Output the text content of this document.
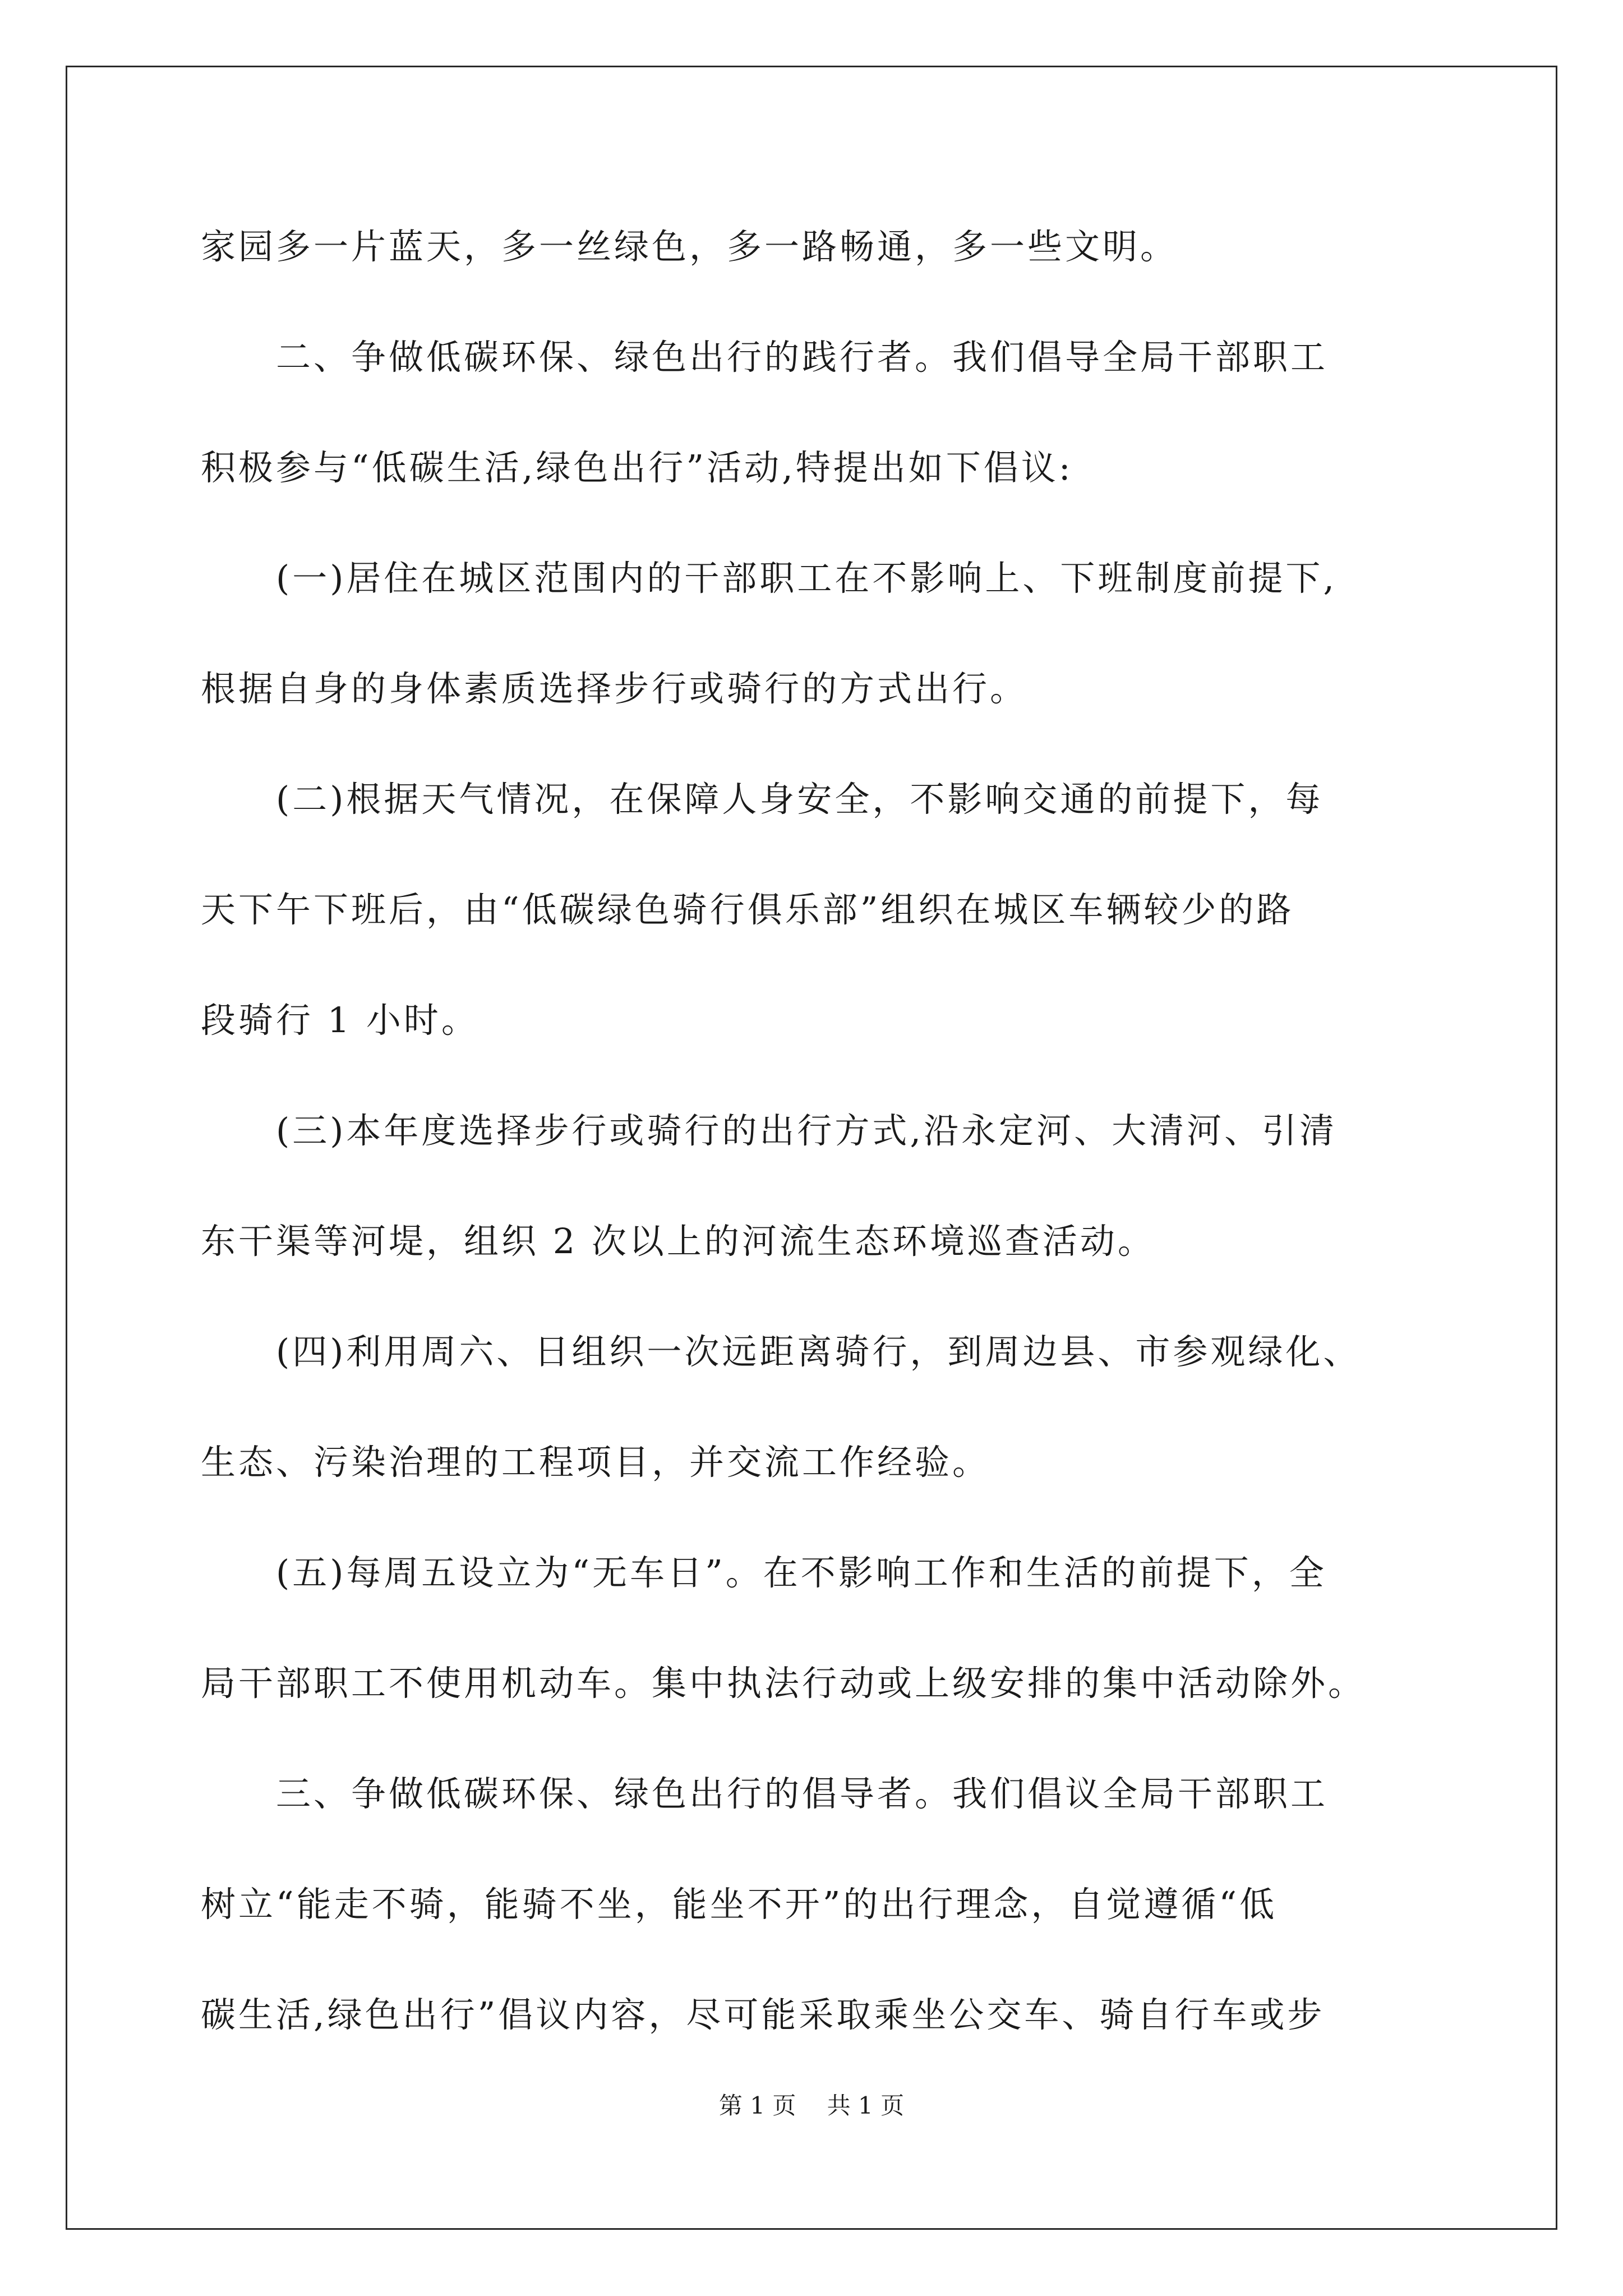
家园多一片蓝天，多一丝绿色，多一路畅通，多一些文明。
　　二、争做低碳环保、绿色出行的践行者。我们倡导全局干部职工
积极参与“低碳生活,绿色出行”活动,特提出如下倡议:
　　(一)居住在城区范围内的干部职工在不影响上、下班制度前提下,
根据自身的身体素质选择步行或骑行的方式出行。
　　(二)根据天气情况，在保障人身安全，不影响交通的前提下，每
天下午下班后，由“低碳绿色骑行俱乐部”组织在城区车辆较少的路
段骑行 1 小时。
　　(三)本年度选择步行或骑行的出行方式,沿永定河、大清河、引清
东干渠等河堤，组织 2 次以上的河流生态环境巡查活动。
　　(四)利用周六、日组织一次远距离骑行，到周边县、市参观绿化、
生态、污染治理的工程项目，并交流工作经验。
　　(五)每周五设立为“无车日”。在不影响工作和生活的前提下，全
局干部职工不使用机动车。集中执法行动或上级安排的集中活动除外。
　　三、争做低碳环保、绿色出行的倡导者。我们倡议全局干部职工
树立“能走不骑，能骑不坐，能坐不开”的出行理念，自觉遵循“低
碳生活,绿色出行”倡议内容，尽可能采取乘坐公交车、骑自行车或步
第 1 页　 共 1 页
